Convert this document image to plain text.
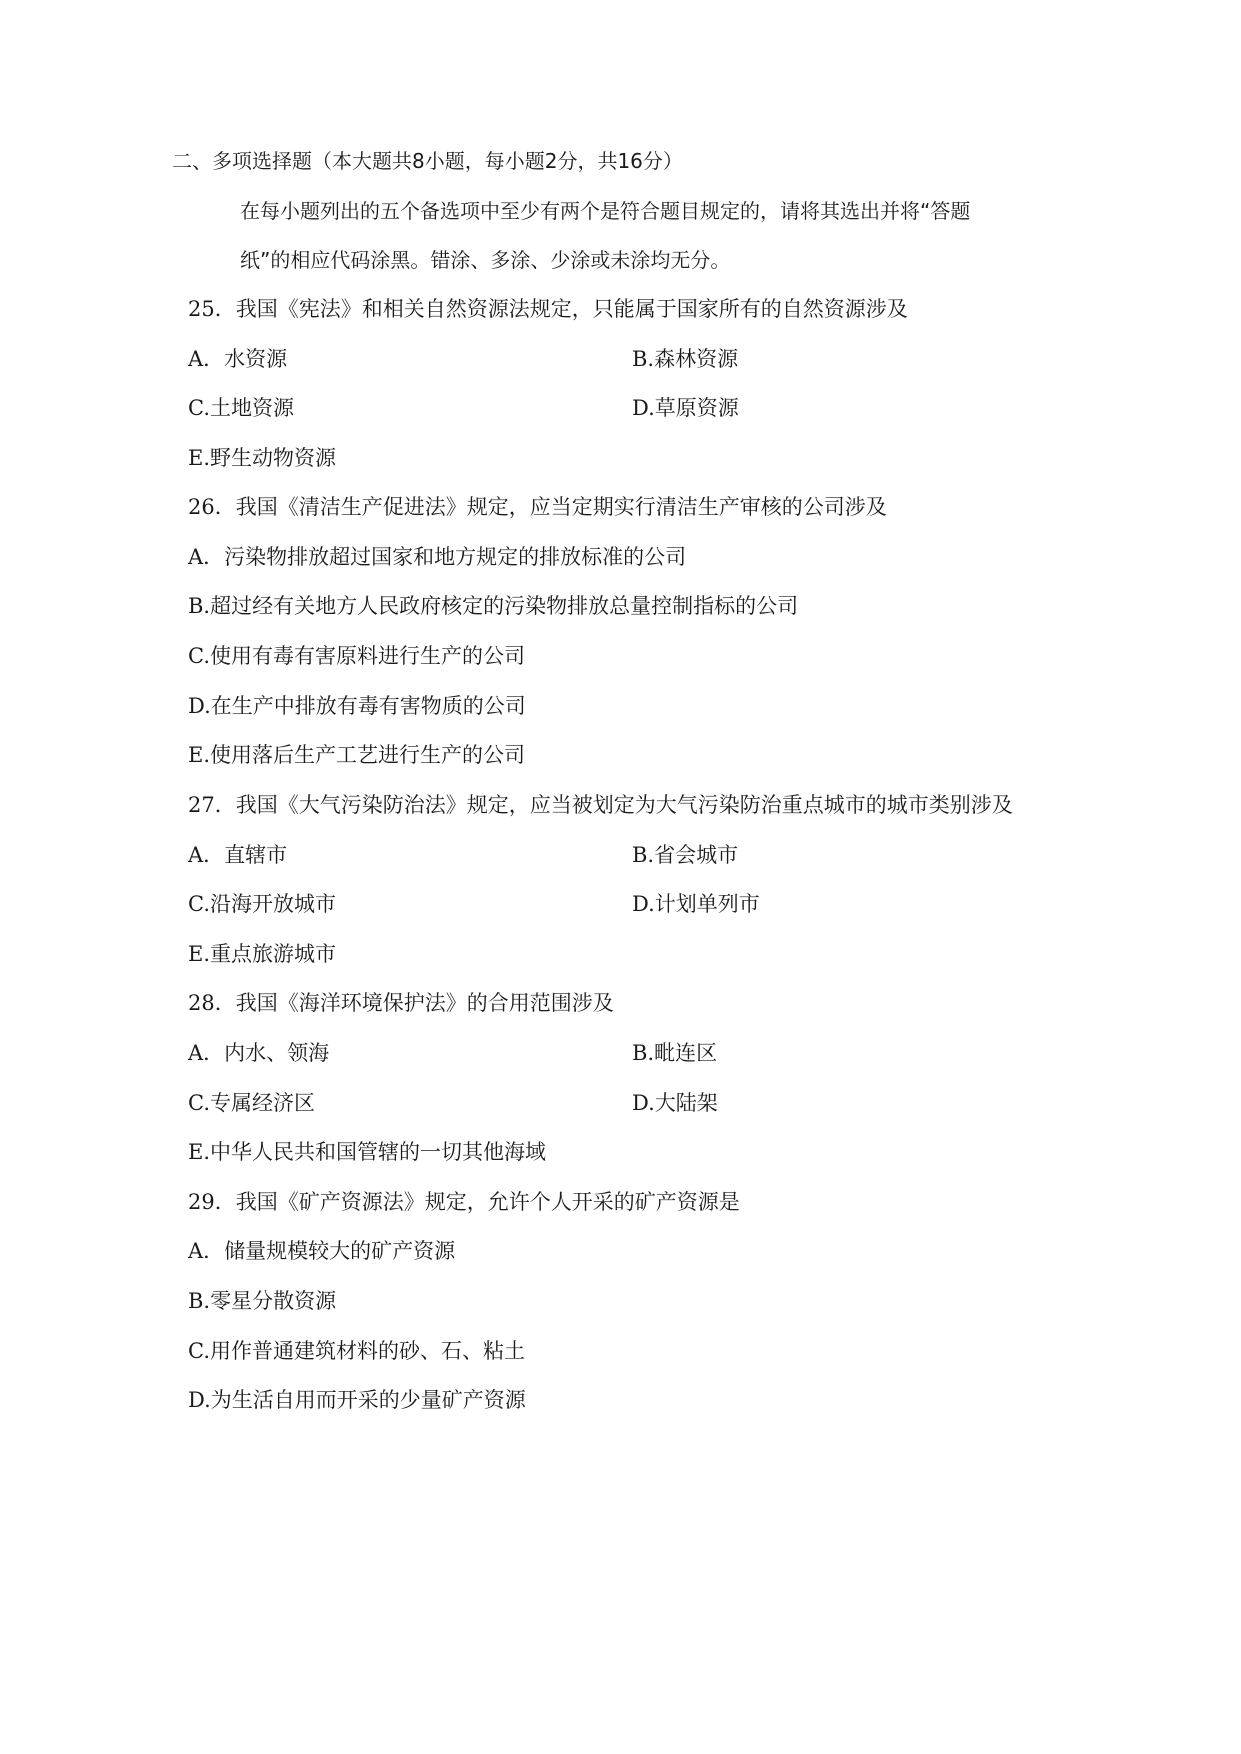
二、多项选择题（本大题共8小题，每小题2分，共16分）
在每小题列出的五个备选项中至少有两个是符合题目规定的，请将其选出并将“答题
纸”的相应代码涂黑。错涂、多涂、少涂或未涂均无分。
25．我国《宪法》和相关自然资源法规定，只能属于国家所有的自然资源涉及
A．水资源	B.森林资源
C.土地资源	D.草原资源
E.野生动物资源
26．我国《清洁生产促进法》规定，应当定期实行清洁生产审核的公司涉及
A．污染物排放超过国家和地方规定的排放标准的公司
B.超过经有关地方人民政府核定的污染物排放总量控制指标的公司
C.使用有毒有害原料进行生产的公司
D.在生产中排放有毒有害物质的公司
E.使用落后生产工艺进行生产的公司
27．我国《大气污染防治法》规定，应当被划定为大气污染防治重点城市的城市类别涉及
A．直辖市	B.省会城市
C.沿海开放城市	D.计划单列市
E.重点旅游城市
28．我国《海洋环境保护法》的合用范围涉及
A．内水、领海	B.毗连区
C.专属经济区	D.大陆架
E.中华人民共和国管辖的一切其他海域
29．我国《矿产资源法》规定，允许个人开采的矿产资源是
A．储量规模较大的矿产资源
B.零星分散资源
C.用作普通建筑材料的砂、石、粘土
D.为生活自用而开采的少量矿产资源
